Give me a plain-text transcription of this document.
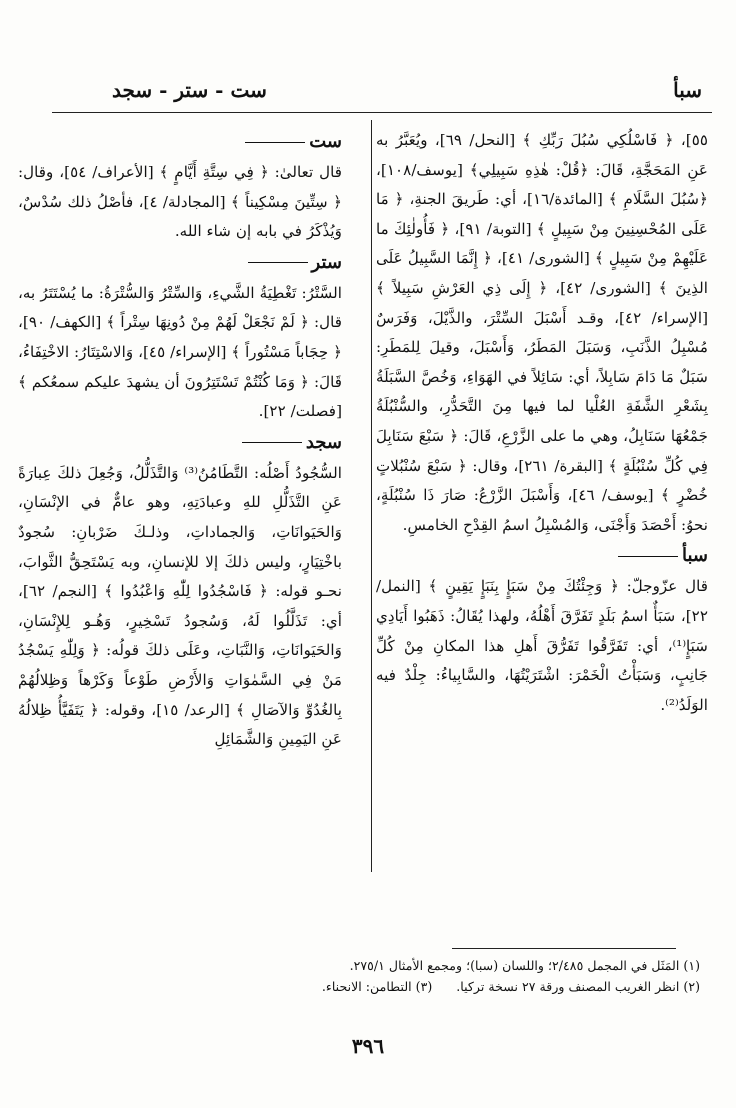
سبأ
ست - ستر - سجد

٥٥]، ﴿ فَاسْلُكِي سُبُلَ رَبِّكِ ﴾ [النحل/ ٦٩]، ويُعَبَّرُ به عَنِ المَحَجَّةِ، قَالَ: ﴿قُلْ: هٰذِهِ سَبِيلِي﴾ [يوسف/١٠٨]، ﴿سُبُلَ السَّلَامِ ﴾ [المائدة/١٦]، أي: طَريقَ الجنةِ، ﴿ مَا عَلَى المُحْسِنِينَ مِنْ سَبِيلٍ ﴾ [التوبة/ ٩١]، ﴿ فَأُولٰئِكَ ما عَلَيْهِمْ مِنْ سَبِيلٍ ﴾ [الشورى/ ٤١]، ﴿ إِنَّمَا السَّبِيلُ عَلَى الذِينَ ﴾ [الشورى/ ٤٢]، ﴿ إِلَى ذِي العَرْشِ سَبِيلاً ﴾ [الإسراء/ ٤٢]، وقـد أَسْبَلَ السِّتْرَ، والذَّيْلَ، وَفَرَسٌ مُسْبِلُ الذَّنَبِ، وَسَبَلَ المَطَرُ، وَأَسْبَلَ، وقيلَ لِلمَطَرِ: سَبَلٌ مَا دَامَ سَابِلاً، أي: سَائِلاً في الهَوَاءِ، وَخُصَّ السَّبَلَةُ بِشَعْرِ الشَّفَةِ العُلْيا لما فيها مِنَ التَّحَدُّرِ، والسُّنْبُلَةُ جَمْعُهَا سَنَابِلُ، وهي ما على الزَّرْعِ، قَالَ: ﴿ سَبْعَ سَنَابِلَ فِي كُلِّ سُنْبُلَةٍ ﴾ [البقرة/ ٢٦١]، وقال: ﴿ سَبْعَ سُنْبُلاتٍ خُضْرٍ ﴾ [يوسف/ ٤٦]، وَأَسْبَلَ الزَّرْعُ: صَارَ ذَا سُنْبُلَةٍ، نحوُ: أَحْصَدَ وَأَجْنَى، وَالمُسْبِلُ اسمُ القِدْحِ الخامسِ.

سبأ

قال عزّوجلّ: ﴿ وَجِئْتُكَ مِنْ سَبَإٍ بِنَبَإٍ يَقِينٍ ﴾ [النمل/ ٢٢]، سَبَأٌ اسمُ بَلَدٍ تَفَرَّقَ أَهْلُهُ، ولهذا يُقَالُ: ذَهَبُوا أَيَادِي سَبَإٍ⁽¹⁾، أي: تَفَرَّقُوا تَفَرُّقَ أَهلِ هذا المكانِ مِنْ كُلِّ جَانِبٍ، وَسَبَأْتُ الْخَمْرَ: اشْتَرَيْتُهَا، والسَّابِياءُ: جِلْدٌ فيه الوَلَدُ⁽²⁾.

ست

قال تعالىٰ: ﴿ فِي سِتَّةِ أَيَّامٍ ﴾ [الأعراف/ ٥٤]، وقال: ﴿ سِتِّينَ مِسْكِيناً ﴾ [المجادلة/ ٤]، فأصْلُ ذلك سُدْسٌ، وَيُذْكَرُ في بابه إن شاء الله.

ستر

السَّتْرُ: تَغْطِيَةُ الشَّيءِ، وَالسِّتْرُ وَالسُّتْرَةُ: ما يُسْتَتَرُ به، قال: ﴿ لَمْ نَجْعَلْ لَهُمْ مِنْ دُونِهَا سِتْراً ﴾ [الكهف/ ٩٠]، ﴿ حِجَاباً مَسْتُوراً ﴾ [الإسراء/ ٤٥]، وَالاسْتِتَارُ: الاخْتِفَاءُ، قَالَ: ﴿ وَمَا كُنْتُمْ تَسْتَتِرُونَ أن يشهدَ عليكم سمعُكم ﴾ [فصلت/ ٢٢].

سجد

السُّجُودُ أَصْلُه: التَّطَامُنُ⁽³⁾ وَالتَّذَلُّلُ، وَجُعِلَ ذلكَ عِبارَةً عَنِ التَّذَلُّلِ للهِ وعبادَتِهِ، وهو عامٌّ في الإنْسَانِ، وَالحَيَوانَاتِ، وَالجماداتِ، وذلـكَ ضَرْبانِ: سُجودٌ باخْتِيَارٍ، وليس ذلكَ إلا للإنسانِ، وبه يَسْتَحِقُّ الثَّوابَ، نحـو قوله: ﴿ فَاسْجُدُوا لِلّٰهِ وَاعْبُدُوا ﴾ [النجم/ ٦٢]، أي: تَذَلَّلُوا لَهُ، وَسُجودُ تَسْخِيرٍ، وَهُـو لِلإِنْسَانِ، وَالحَيَوانَاتِ، وَالنَّبَاتِ، وعَلَى ذلكَ قولُه: ﴿ وَلِلّٰهِ يَسْجُدُ مَنْ فِي السَّمٰوَاتِ وَالأَرْضِ طَوْعاً وَكَرْهاً وَظِلالُهُمْ بِالغُدُوِّ وَالآصَالِ ﴾ [الرعد/ ١٥]، وقوله: ﴿ يَتَفَيَّأُ ظِلالُهُ عَنِ اليَمِينِ وَالشَّمَائِلِ

(١) المَثَل في المجمل ٢/٤٨٥؛ واللسان (سبا)؛ ومجمع الأمثال ٢٧٥/١.
(٢) انظر الغريب المصنف ورقة ٢٧ نسخة تركيا.      (٣) التطامن: الانحناء.
٣٩٦
